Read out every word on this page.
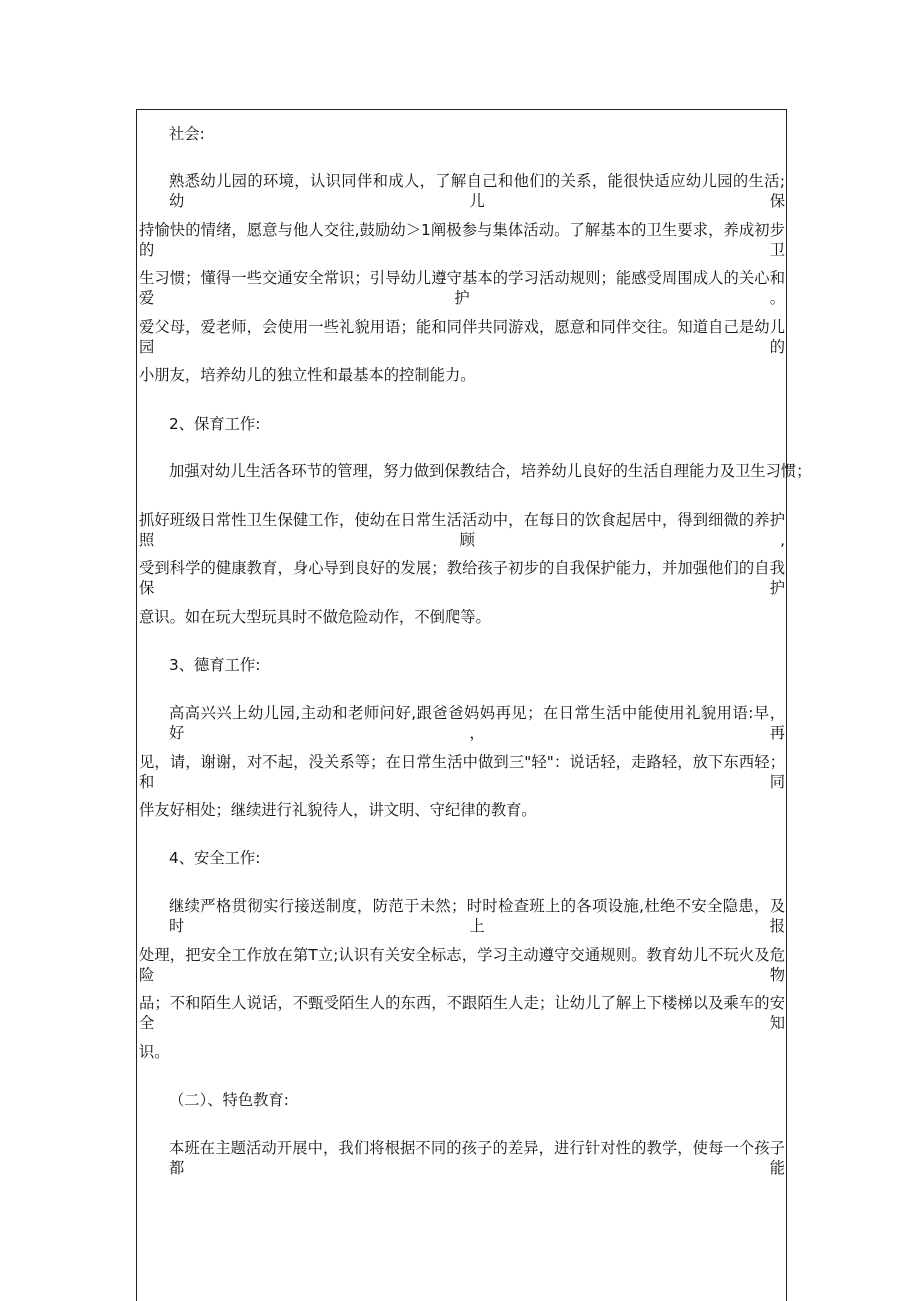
社会:
熟悉幼儿园的环境，认识同伴和成人，了解自己和他们的关系，能很快适应幼儿园的生活;幼儿保
持愉快的情绪，愿意与他人交往,鼓励幼＞1阐极参与集体活动。了解基本的卫生要求，养成初步的卫
生习惯；懂得一些交通安全常识；引导幼儿遵守基本的学习活动规则；能感受周围成人的关心和爱护。
爱父母，爱老师，会使用一些礼貌用语；能和同伴共同游戏，愿意和同伴交往。知道自己是幼儿园的
小朋友，培养幼儿的独立性和最基本的控制能力。
2、保育工作:
加强对幼儿生活各环节的管理，努力做到保教结合，培养幼儿良好的生活自理能力及卫生习惯；
抓好班级日常性卫生保健工作，使幼在日常生活活动中，在每日的饮食起居中，得到细微的养护照顾,
受到科学的健康教育，身心导到良好的发展；教给孩子初步的自我保护能力，并加强他们的自我保护
意识。如在玩大型玩具时不做危险动作，不倒爬等。
3、德育工作:
高高兴兴上幼儿园,主动和老师问好,跟爸爸妈妈再见；在日常生活中能使用礼貌用语:早，好，再
见，请，谢谢，对不起，没关系等；在日常生活中做到三"轻"：说话轻，走路轻，放下东西轻；和同
伴友好相处；继续进行礼貌待人，讲文明、守纪律的教育。
4、安全工作:
继续严格贯彻实行接送制度，防范于未然；时时检查班上的各项设施,杜绝不安全隐患，及时上报
处理，把安全工作放在第T立;认识有关安全标志，学习主动遵守交通规则。教育幼儿不玩火及危险物
品；不和陌生人说话，不甄受陌生人的东西，不跟陌生人走；让幼儿了解上下楼梯以及乘车的安全知
识。
（二）、特色教育:
本班在主题活动开展中，我们将根据不同的孩子的差异，进行针对性的教学，使每一个孩子都能
